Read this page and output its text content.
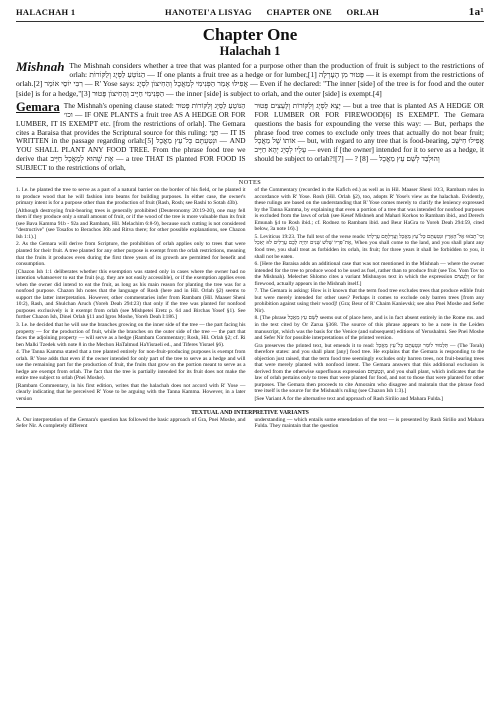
HALACHAH 1	HANOTEI'A LISYAG CHAPTER ONE ORLAH	1a¹
Chapter One
Halachah 1
Mishnah The Mishnah considers whether a tree that was planted for a purpose other than the production of fruit is subject to the restrictions of orlah: הַנּוֹטֵעַ לַסְּיָג וְלַקּוֹרוֹת — If one plants a fruit tree as a hedge or for lumber,[1] פָּטוּר מִן הָעָרְלָה — it is exempt from the restrictions of orlah.[2] רִבִּי יוֹסֵי אוֹמֵר — R' Yose says: אֲפִילוּ אָמַר הַפְּנִימִי לְמַאֲכָל וְהַחִיצוֹן לִסְיָג — Even if he declared: "The inner [side] of the tree is for food and the outer [side] is for a hedge,"[3] הַפְּנִימִי חַיָּיב וְהַחִיצוֹן פָּטוּר — the inner [side] is subject to orlah, and the outer [side] is exempt.[4]
Gemara The Mishnah's opening clause stated: הַנּוֹטֵעַ לַסְּיָג וְלַקּוֹרוֹת פָּטוּר וכו׳ — IF ONE PLANTS a fruit tree AS A HEDGE OR FOR LUMBER, IT IS EXEMPT etc. [from the restrictions of orlah]. The Gemara cites a Baraisa that provides the Scriptural source for this ruling: תַּנֵּי — IT IS WRITTEN in the passage regarding orlah:[5] וּנְטַעְתֶּם כָּל־עֵץ מַאֲכָל — AND YOU SHALL PLANT ANY FOOD TREE. From the phrase food tree we derive that אֶת שֶׁהוּא לְמַאֲכָל חַיָּיב — a tree THAT IS planted FOR FOOD IS SUBJECT to the restrictions of orlah,
יָצָא לַסְּיָג וְלַקּוֹרוֹת וְלָעֵצִים פָּטוּר — but a tree that is planted AS A HEDGE OR FOR LUMBER OR FOR FIREWOOD[6] IS EXEMPT. The Gemara questions the basis for expounding the verse this way: — But, perhaps the phrase food tree comes to exclude only trees that actually do not bear fruit; אוֹתוֹ שֶׁל מַאֲכָל — but, with regard to any tree that is food-bearing, אֲפִילוּ חִישֵּׁב עָלָיו לְסְיָג יְהֵא חַיָּיב — even if [the owner] intended for it to serve as a hedge, it should be subject to orlah?![7] — ? וְהוּלְבַּד לְשֵׁם עֵץ מַאֲכָל — [8]
NOTES

1. I.e. he planted the tree to serve as a part of a natural barrier on the border of his field, or he planted it to produce wood that he will fashion into beams for building purposes. In either case, the owner's primary intent is for a purpose other than the production of fruit (Rash, Rosh; see Rashi to Sotah 43b).

[Although destroying fruit-bearing trees is generally prohibited (Deuteronomy 20:19-20), one may fell them if they produce only a small amount of fruit, or if the wood of the tree is more valuable than its fruit (see Bava Kamma 91b - 92a and Rambam, Hil. Melachim 6:8-9), because such cutting is not considered "destructive" (see Tosafos to Berachos 36b and Ritva there; for other possible explanations, see Chazon Ish 1:1).]

2. As the Gemara will derive from Scripture, the prohibition of orlah applies only to trees that were planted for their fruit. A tree planted for any other purpose is exempt from the orlah restrictions, meaning that the fruits it produces even during the first three years of its growth are permitted for benefit and consumption.

[Chazon Ish 1:1 deliberates whether this exemption was stated only in cases where the owner had no intention whatsoever to eat the fruit (e.g. they are not easily accessible), or if the exemption applies even when the owner did intend to eat the fruit, as long as his main reason for planting the tree was for a nonfood purpose. Chazon Ish notes that the language of Rosh (here and in Hil. Orlah §2) seems to support the latter interpretation. However, other commentaries infer from Rambam (Hil. Maaser Sheni 10:2), Rash, and Shulchan Aruch (Yoreh Deah 294:23) that only if the tree was planted for nonfood purposes exclusively is it exempt from orlah (see Mishpetei Eretz p. 64 and Birchas Yosef §1). See further Chazon Ish, Dinei Orlah §11 and Igros Moshe, Yoreh Deah I:186.]

3. I.e. he decided that he will use the branches growing on the inner side of the tree — the part facing his property — for the production of fruit, while the branches on the outer side of the tree — the part that faces the adjoining property — will serve as a hedge (Rambam Commentary; Rosh, Hil. Orlah §2; cf. Ri ben Malki Tzedek with note 8 in the Mechon HaTalmud HaYisraeli ed., and Tiferes Yisrael §6).

4. The Tanna Kamma stated that a tree planted entirely for non-fruit-producing purposes is exempt from orlah. R' Yose adds that even if the owner intended for only part of the tree to serve as a hedge and will use the remaining part for the production of fruit, the fruits that grow on the portion meant to serve as a hedge are exempt from orlah. The fact that the tree is partially intended for its fruit does not make the entire tree subject to orlah (Pnei Moshe).

[Rambam Commentary, in his first edition, writes that the halachah does not accord with R' Yose — clearly indicating that he perceived R' Yose to be arguing with the Tanna Kamma. However, in a later version

of the Commentary (recorded in the Kafich ed.) as well as in Hil. Maaser Sheni 10:3, Rambam rules in accordance with R' Yose. Rosh (Hil. Orlah §2), too, adopts R' Yose's view as the halachah. Evidently, these rulings are based on the understanding that R' Yose comes merely to clarify the leniency expressed by the Tanna Kamma, by explaining that even a portion of a tree that was intended for nonfood purposes is excluded from the laws of orlah (see Kesef Mishneh and Mahari Korkos to Rambam ibid., and Derech Emunah §4 to Rosh ibid.; cf. Rodnez to Rambam ibid. and Beur HaGra to Yoreh Deah 294:59, cited below, 3a note 16).]

5. Leviticus 19:23. The full text of the verse reads: וְכִי־תָבֹאוּ אֶל־הָאָרֶץ וּנְטַעְתֶּם כָּל־עֵץ מַאֲכָל וַעֲרַלְתֶּם עָרְלָתוֹ אֶת־פִּרְיוֹ שָׁלֹשׁ שָׁנִים יִהְיֶה לָכֶם עֲרֵלִים לֹא יֵאָכֵל, When you shall come to the land, and you shall plant any food tree, you shall treat as forbidden its orlah, its fruit; for three years it shall be forbidden to you, it shall not be eaten.

6. [Here the Baraisa adds an additional case that was not mentioned in the Mishnah — where the owner intended for the tree to produce wood to be used as fuel, rather than to produce fruit (see Tos. Yom Tov to the Mishnah). Melechet Shlomo cites a variant Mishnayos text in which the expression וְלָעֵצִים or for firewood, actually appears in the Mishnah itself.]

7. The Gemara is asking: How is it known that the term food tree excludes trees that produce edible fruit but were merely intended for other uses? Perhaps it comes to exclude only barren trees [from any prohibition against using their wood]! (Gra; Beur of R' Chaim Kanievski; see also Pnei Moshe and Sefer Nir).

8. [The phrase לְשֵׁם עֵץ מַאֲכָל seems out of place here, and is in fact absent entirely in the Rome ms. and in the text cited by Or Zarua §368. The source of this phrase appears to be a note in the Leiden manuscript, which was the basis for the Venice (and subsequent) editions of Yerushalmi. See Pnei Moshe and Sefer Nir for possible interpretations of the printed version.

Gra preserves the printed text, but emends it to read: תַּלְמוּד לוֹמַר וּנְטַעְתֶּם כָּל־עֵץ מַאֲכָל — (The Torah) therefore states: and you shall plant [any] food tree. He explains that the Gemara is responding to the objection just raised, that the term food tree seemingly excludes only barren trees, not fruit-bearing trees that were merely planted with nonfood intent. The Gemara answers that this additional exclusion is derived from the otherwise superfluous expression וּנְטַעְתֶּם, and you shall plant, which indicates that the law of orlah pertains only to trees that were planted for food, and not to those that were planted for other purposes. The Gemara then proceeds to cite Amoraim who disagree and maintain that the phrase food tree itself is the source for the Mishnah's ruling (see Chazon Ish 1:3).]

[See Variant A for the alternative text and approach of Rash Sirilio and Mahara Fulda.]

TEXTUAL AND INTERPRETIVE VARIANTS
A. Our interpretation of the Gemara's question has followed the basic approach of Gra, Pnei Moshe, and Sefer Nir. A completely different
understanding — which entails some emendation of the text — is presented by Rash Sirilio and Mahara Fulda. They maintain that the question
